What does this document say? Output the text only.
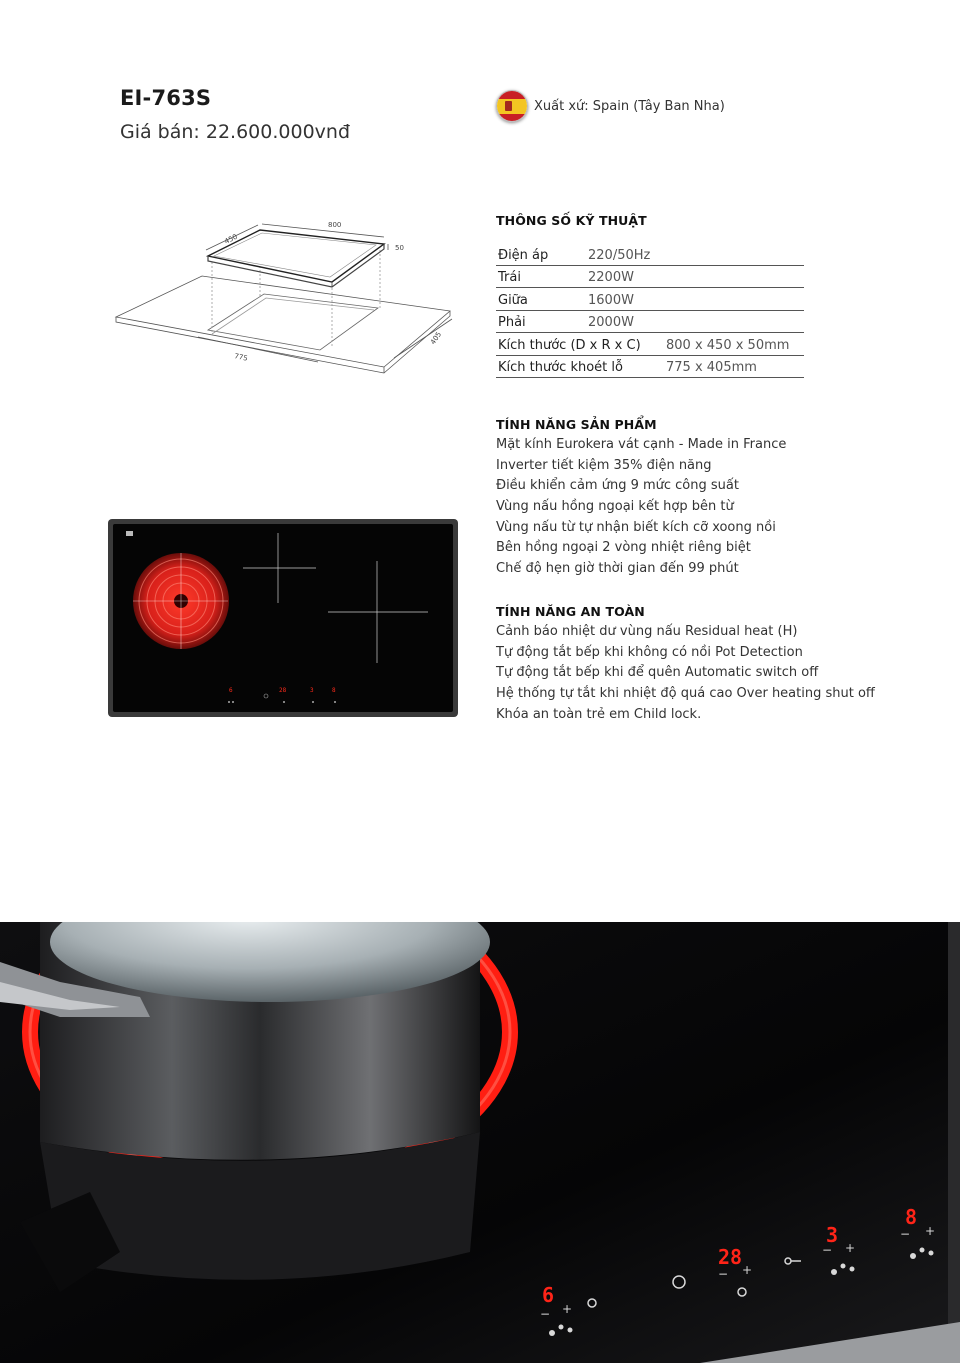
EI-763S
Giá bán: 22.600.000vnđ
Xuất xứ: Spain (Tây Ban Nha)
800
450
50
775
405
THÔNG SỐ KỸ THUẬT
Điện áp	220/50Hz
Trái	2200W
Giữa	1600W
Phải	2000W
Kích thước (D x R x C) 800 x 450 x 50mm
Kích thước khoét lỗ	775 x 405mm
TÍNH NĂNG SẢN PHẨM
Mặt kính Eurokera vát cạnh - Made in France
Inverter tiết kiệm 35% điện năng
Điều khiển cảm ứng 9 mức công suất
Vùng nấu hồng ngoại kết hợp bên từ
Vùng nấu từ tự nhận biết kích cỡ xoong nồi
Bên hồng ngoại 2 vòng nhiệt riêng biệt
Chế độ hẹn giờ thời gian đến 99 phút
TÍNH NĂNG AN TOÀN
Cảnh báo nhiệt dư vùng nấu Residual heat (H)
Tự động tắt bếp khi không có nồi Pot Detection
Tự động tắt bếp khi để quên Automatic switch off
Hệ thống tự tắt khi nhiệt độ quá cao Over heating shut off
Khóa an toàn trẻ em Child lock.
6	28	3	8
6
28
3
8
− +
− +
− +
− +
